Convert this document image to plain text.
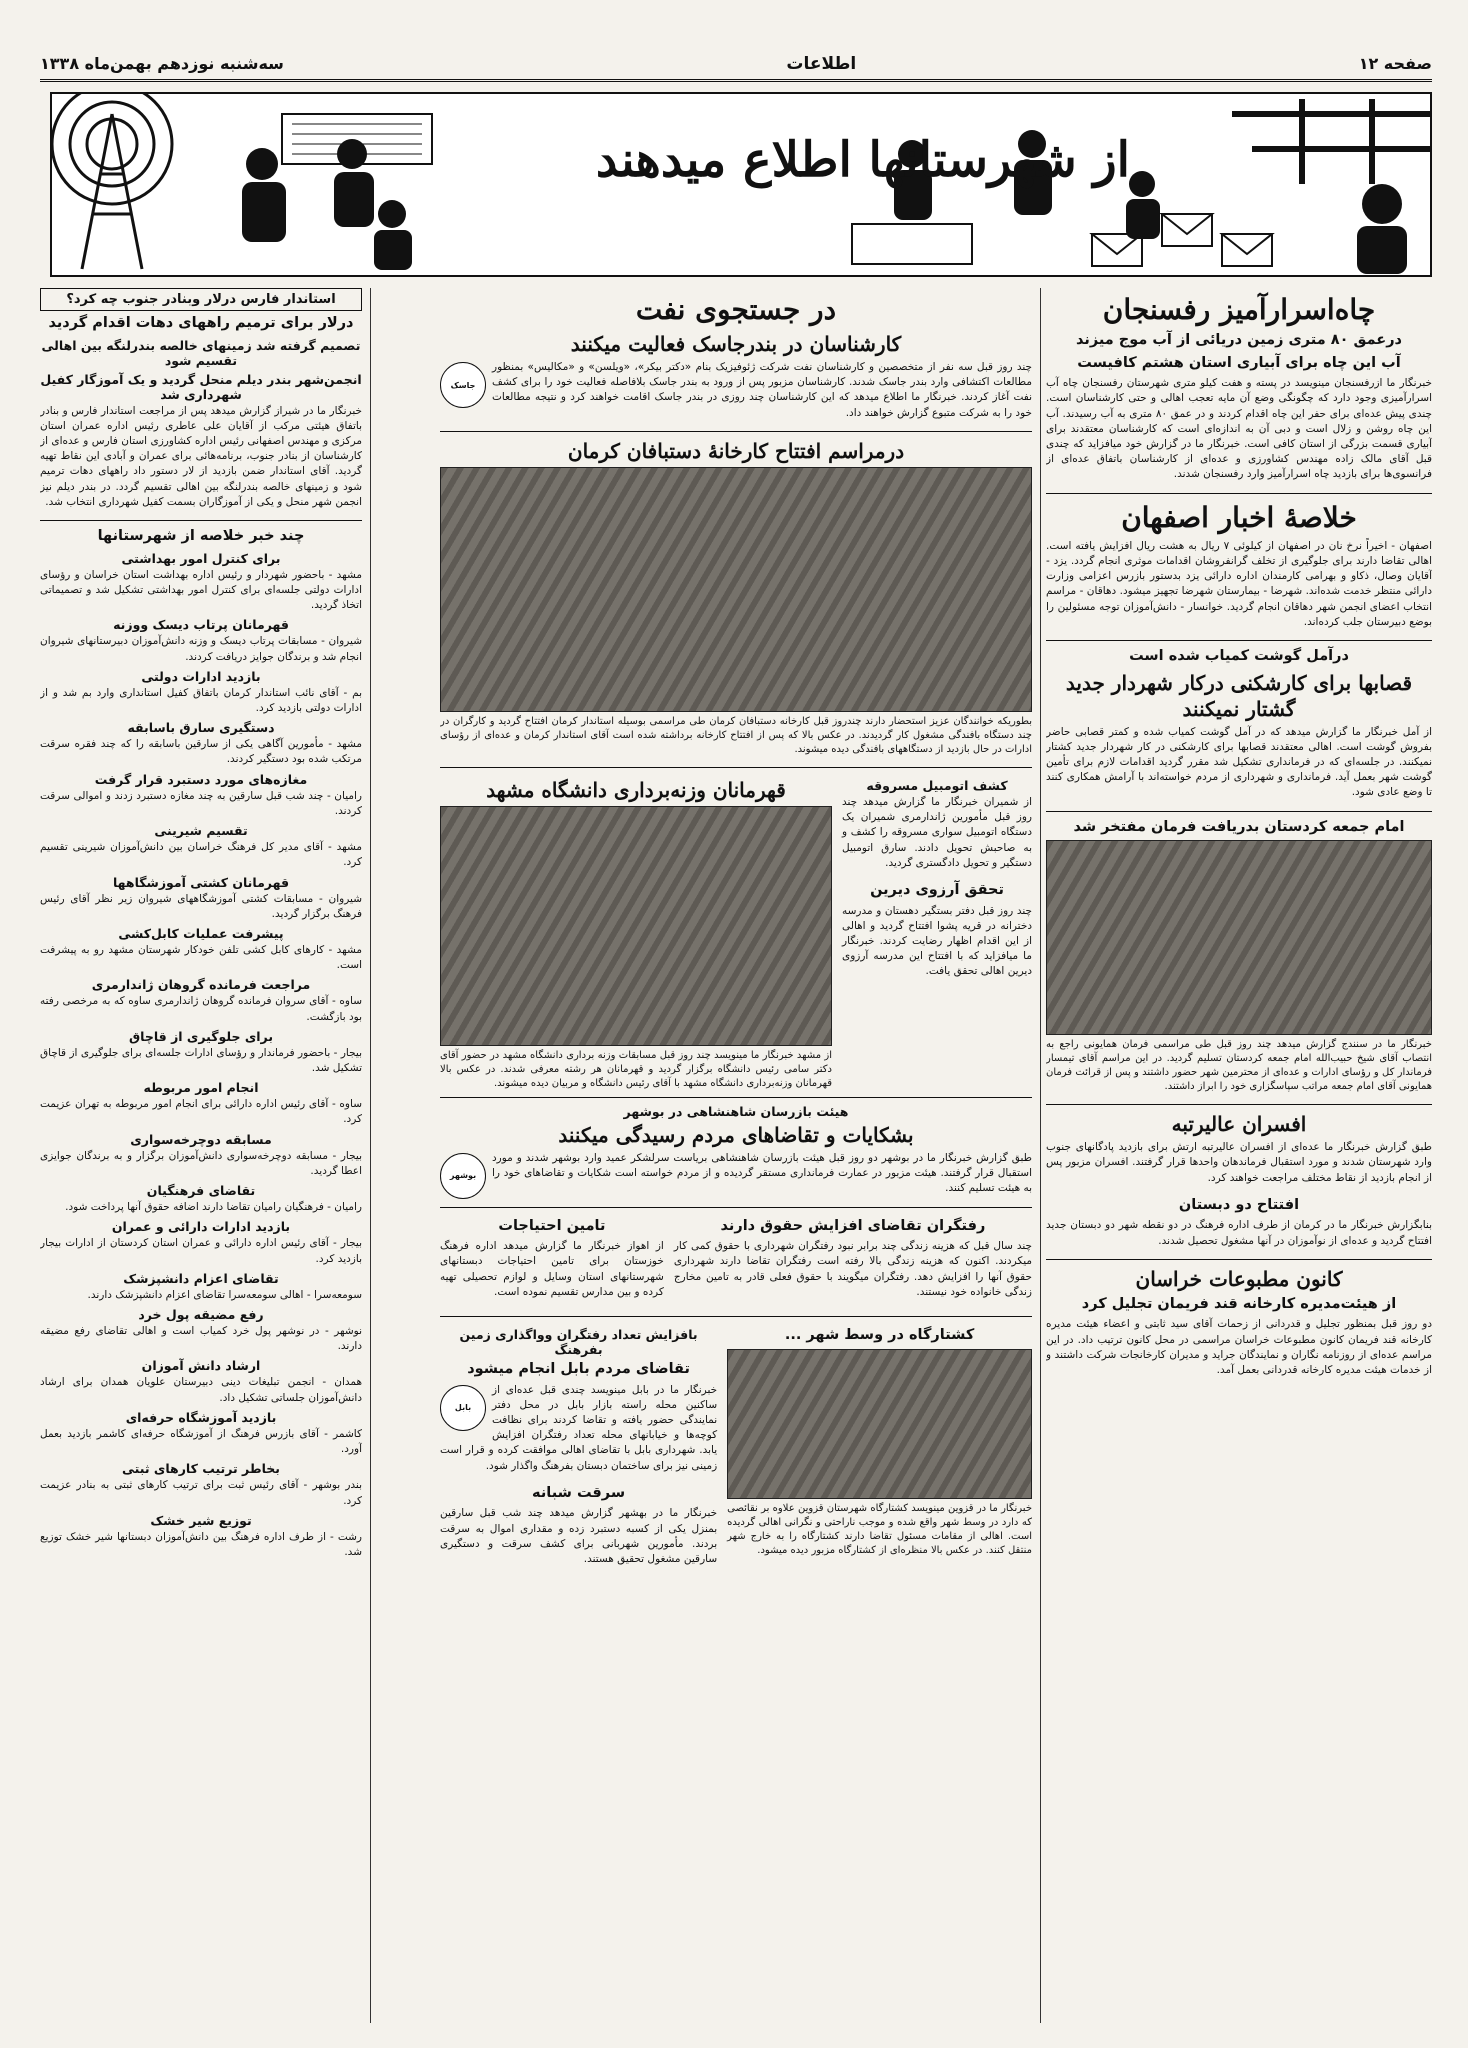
صفحه ۱۲
اطلاعات
سه‌شنبه نوزدهم بهمن‌ماه ۱۳۳۸
از شهرستانها اطلاع میدهند
چاه‌اسرارآمیز رفسنجان
درعمق ۸۰ متری زمین دریائی از آب موج میزند
آب این چاه برای آبیاری استان هشتم کافیست
خبرنگار ما ازرفسنجان مینویسد در پسته و هفت کیلو متری شهرستان رفسنجان چاه آب اسرارآمیزی وجود دارد که چگونگی وضع آن مایه تعجب اهالی و حتی کارشناسان است. چندی پیش عده‌ای برای حفر این چاه اقدام کردند و در عمق ۸۰ متری به آب رسیدند. آب این چاه روشن و زلال است و دبی آن به اندازه‌ای است که کارشناسان معتقدند برای آبیاری قسمت بزرگی از استان کافی است. خبرنگار ما در گزارش خود میافزاید که چندی قبل آقای مالک زاده مهندس کشاورزی و عده‌ای از کارشناسان باتفاق عده‌ای از فرانسوی‌ها برای بازدید چاه اسرارآمیز وارد رفسنجان شدند.
خلاصهٔ اخبار اصفهان
اصفهان - اخیراً نرخ نان در اصفهان از کیلوئی ۷ ریال به هشت ریال افزایش یافته است. اهالی تقاضا دارند برای جلوگیری از تخلف گرانفروشان اقدامات موثری انجام گردد. یزد - آقایان وصال، ذکاو و بهرامی کارمندان اداره دارائی یزد بدستور بازرس اعزامی وزارت دارائی منتظر خدمت شده‌اند. شهرضا - بیمارستان شهرضا تجهیز میشود. دهاقان - مراسم انتخاب اعضای انجمن شهر دهاقان انجام گردید. خوانسار - دانش‌آموزان توجه مسئولین را بوضع دبیرستان جلب کرده‌اند.
درآمل گوشت کمیاب شده است
قصابها برای کارشکنی درکار شهردار جدید گشتار نمیکنند
از آمل خبرنگار ما گزارش میدهد که در آمل گوشت کمیاب شده و کمتر قصابی حاضر بفروش گوشت است. اهالی معتقدند قصابها برای کارشکنی در کار شهردار جدید کشتار نمیکنند. در جلسه‌ای که در فرمانداری تشکیل شد مقرر گردید اقدامات لازم برای تأمین گوشت شهر بعمل آید. فرمانداری و شهرداری از مردم خواسته‌اند با آرامش همکاری کنند تا وضع عادی شود.
امام جمعه کردستان بدریافت فرمان مفتخر شد
خبرنگار ما در سنندج گزارش میدهد چند روز قبل طی مراسمی فرمان همایونی راجع به انتصاب آقای شیخ حبیب‌الله امام جمعه کردستان تسلیم گردید. در این مراسم آقای تیمسار فرماندار کل و رؤسای ادارات و عده‌ای از محترمین شهر حضور داشتند و پس از قرائت فرمان همایونی آقای امام جمعه مراتب سپاسگزاری خود را ابراز داشتند.
افسران عالیرتبه
طبق گزارش خبرنگار ما عده‌ای از افسران عالیرتبه ارتش برای بازدید پادگانهای جنوب وارد شهرستان شدند و مورد استقبال فرماندهان واحدها قرار گرفتند. افسران مزبور پس از انجام بازدید از نقاط مختلف مراجعت خواهند کرد.
افتتاح دو دبستان
بنابگزارش خبرنگار ما در کرمان از طرف اداره فرهنگ در دو نقطه شهر دو دبستان جدید افتتاح گردید و عده‌ای از نوآموزان در آنها مشغول تحصیل شدند.
کانون مطبوعات خراسان
از هیئت‌مدیره کارخانه قند فریمان تجلیل کرد
دو روز قبل بمنظور تجلیل و قدردانی از زحمات آقای سید ثابتی و اعضاء هیئت مدیره کارخانه قند فریمان کانون مطبوعات خراسان مراسمی در محل کانون ترتیب داد. در این مراسم عده‌ای از روزنامه نگاران و نمایندگان جراید و مدیران کارخانجات شرکت داشتند و از خدمات هیئت مدیره کارخانه قدردانی بعمل آمد.
در جستجوی نفت
کارشناسان در بندرجاسک فعالیت میکنند
جاسک
چند روز قبل سه نفر از متخصصین و کارشناسان نفت شرکت ژئوفیزیک بنام «دکتر بیکر»، «ویلسن» و «مکالیس» بمنظور مطالعات اکتشافی وارد بندر جاسک شدند. کارشناسان مزبور پس از ورود به بندر جاسک بلافاصله فعالیت خود را برای کشف نفت آغاز کردند. خبرنگار ما اطلاع میدهد که این کارشناسان چند روزی در بندر جاسک اقامت خواهند کرد و نتیجه مطالعات خود را به شرکت متبوع گزارش خواهند داد.
درمراسم افتتاح کارخانهٔ دستبافان کرمان
بطوریکه خوانندگان عزیز استحضار دارند چندروز قبل کارخانه دستبافان کرمان طی مراسمی بوسیله استاندار کرمان افتتاح گردید و کارگران در چند دستگاه بافندگی مشغول کار گردیدند. در عکس بالا که پس از افتتاح کارخانه برداشته شده است آقای استاندار کرمان و عده‌ای از رؤسای ادارات در حال بازدید از دستگاههای بافندگی دیده میشوند.
کشف اتومبیل مسروقه
از شمیران خبرنگار ما گزارش میدهد چند روز قبل مأمورین ژاندارمری شمیران یک دستگاه اتومبیل سواری مسروقه را کشف و به صاحبش تحویل دادند. سارق اتومبیل دستگیر و تحویل دادگستری گردید.
تحقق آرزوی دیرین
چند روز قبل دفتر بستگیر دهستان و مدرسه دخترانه در قریه پشوا افتتاح گردید و اهالی از این اقدام اظهار رضایت کردند. خبرنگار ما میافزاید که با افتتاح این مدرسه آرزوی دیرین اهالی تحقق یافت.
قهرمانان وزنه‌برداری دانشگاه مشهد
از مشهد خبرنگار ما مینویسد چند روز قبل مسابقات وزنه برداری دانشگاه مشهد در حضور آقای دکتر سامی رئیس دانشگاه برگزار گردید و قهرمانان هر رشته معرفی شدند. در عکس بالا قهرمانان وزنه‌برداری دانشگاه مشهد با آقای رئیس دانشگاه و مربیان دیده میشوند.
هیئت بازرسان شاهنشاهی در بوشهر
بشکایات و تقاضاهای مردم رسیدگی میکنند
بوشهر
طبق گزارش خبرنگار ما در بوشهر دو روز قبل هیئت بازرسان شاهنشاهی بریاست سرلشکر عمید وارد بوشهر شدند و مورد استقبال قرار گرفتند. هیئت مزبور در عمارت فرمانداری مستقر گردیده و از مردم خواسته است شکایات و تقاضاهای خود را به هیئت تسلیم کنند.
رفتگران تقاضای افزایش حقوق دارند
چند سال قبل که هزینه زندگی چند برابر نبود رفتگران شهرداری با حقوق کمی کار میکردند. اکنون که هزینه زندگی بالا رفته است رفتگران تقاضا دارند شهرداری حقوق آنها را افزایش دهد. رفتگران میگویند با حقوق فعلی قادر به تامین مخارج زندگی خانواده خود نیستند.
تامین احتیاجات
از اهواز خبرنگار ما گزارش میدهد اداره فرهنگ خوزستان برای تامین احتیاجات دبستانهای شهرستانهای استان وسایل و لوازم تحصیلی تهیه کرده و بین مدارس تقسیم نموده است.
کشتارگاه در وسط شهر ...
خبرنگار ما در قزوین مینویسد کشتارگاه شهرستان قزوین علاوه بر نقائصی که دارد در وسط شهر واقع شده و موجب ناراحتی و نگرانی اهالی گردیده است. اهالی از مقامات مسئول تقاضا دارند کشتارگاه را به خارج شهر منتقل کنند. در عکس بالا منظره‌ای از کشتارگاه مزبور دیده میشود.
بافزایش تعداد رفتگران وواگذاری زمین بفرهنگ
تقاضای مردم بابل انجام میشود
بابل
خبرنگار ما در بابل مینویسد چندی قبل عده‌ای از ساکنین محله راسته بازار بابل در محل دفتر نمایندگی حضور یافته و تقاضا کردند برای نظافت کوچه‌ها و خیابانهای محله تعداد رفتگران افزایش یابد. شهرداری بابل با تقاضای اهالی موافقت کرده و قرار است زمینی نیز برای ساختمان دبستان بفرهنگ واگذار شود.
سرقت شبانه
خبرنگار ما در بهشهر گزارش میدهد چند شب قبل سارقین بمنزل یکی از کسبه دستبرد زده و مقداری اموال به سرقت بردند. مأمورین شهربانی برای کشف سرقت و دستگیری سارقین مشغول تحقیق هستند.
استاندار فارس درلار وبنادر جنوب چه کرد؟
درلار برای ترمیم راههای دهات اقدام گردید
تصمیم گرفته شد زمینهای خالصه بندرلنگه بین اهالی تقسیم شود
انجمن‌شهر بندر دیلم منحل گردید و یک آموزگار کفیل شهرداری شد
خبرنگار ما در شیراز گزارش میدهد پس از مراجعت استاندار فارس و بنادر باتفاق هیئتی مرکب از آقایان علی عاطری رئیس اداره عمران استان مرکزی و مهندس اصفهانی رئیس اداره کشاورزی استان فارس و عده‌ای از کارشناسان از بنادر جنوب، برنامه‌هائی برای عمران و آبادی این نقاط تهیه گردید. آقای استاندار ضمن بازدید از لار دستور داد راههای دهات ترمیم شود و زمینهای خالصه بندرلنگه بین اهالی تقسیم گردد. در بندر دیلم نیز انجمن شهر منحل و یکی از آموزگاران بسمت کفیل شهرداری انتخاب شد.
چند خبر خلاصه از شهرستانها
برای کنترل امور بهداشتی
مشهد - باحضور شهردار و رئیس اداره بهداشت استان خراسان و رؤسای ادارات دولتی جلسه‌ای برای کنترل امور بهداشتی تشکیل شد و تصمیماتی اتخاذ گردید.
قهرمانان پرتاب دیسک ووزنه
شیروان - مسابقات پرتاب دیسک و وزنه دانش‌آموزان دبیرستانهای شیروان انجام شد و برندگان جوایز دریافت کردند.
بازدید ادارات دولتی
بم - آقای نائب استاندار کرمان باتفاق کفیل استانداری وارد بم شد و از ادارات دولتی بازدید کرد.
دستگیری سارق باسابقه
مشهد - مأمورین آگاهی یکی از سارقین باسابقه را که چند فقره سرقت مرتکب شده بود دستگیر کردند.
مغازه‌های مورد دستبرد قرار گرفت
رامیان - چند شب قبل سارقین به چند مغازه دستبرد زدند و اموالی سرقت کردند.
تقسیم شیرینی
مشهد - آقای مدیر کل فرهنگ خراسان بین دانش‌آموزان شیرینی تقسیم کرد.
قهرمانان کشتی آموزشگاهها
شیروان - مسابقات کشتی آموزشگاههای شیروان زیر نظر آقای رئیس فرهنگ برگزار گردید.
پیشرفت عملیات کابل‌کشی
مشهد - کارهای کابل کشی تلفن خودکار شهرستان مشهد رو به پیشرفت است.
مراجعت فرمانده گروهان ژاندارمری
ساوه - آقای سروان فرمانده گروهان ژاندارمری ساوه که به مرخصی رفته بود بازگشت.
برای جلوگیری از قاچاق
بیجار - باحضور فرماندار و رؤسای ادارات جلسه‌ای برای جلوگیری از قاچاق تشکیل شد.
انجام امور مربوطه
ساوه - آقای رئیس اداره دارائی برای انجام امور مربوطه به تهران عزیمت کرد.
مسابقه دوچرخه‌سواری
بیجار - مسابقه دوچرخه‌سواری دانش‌آموزان برگزار و به برندگان جوایزی اعطا گردید.
تقاضای فرهنگیان
رامیان - فرهنگیان رامیان تقاضا دارند اضافه حقوق آنها پرداخت شود.
بازدید ادارات دارائی و عمران
بیجار - آقای رئیس اداره دارائی و عمران استان کردستان از ادارات بیجار بازدید کرد.
تقاضای اعزام دانشپزشک
سومعه‌سرا - اهالی سومعه‌سرا تقاضای اعزام دانشپزشک دارند.
رفع مضیقه پول خرد
نوشهر - در نوشهر پول خرد کمیاب است و اهالی تقاضای رفع مضیقه دارند.
ارشاد دانش آموزان
همدان - انجمن تبلیغات دینی دبیرستان علویان همدان برای ارشاد دانش‌آموزان جلساتی تشکیل داد.
بازدید آموزشگاه حرفه‌ای
کاشمر - آقای بازرس فرهنگ از آموزشگاه حرفه‌ای کاشمر بازدید بعمل آورد.
بخاطر ترتیب کارهای ثبتی
بندر بوشهر - آقای رئیس ثبت برای ترتیب کارهای ثبتی به بنادر عزیمت کرد.
توزیع شیر خشک
رشت - از طرف اداره فرهنگ بین دانش‌آموزان دبستانها شیر خشک توزیع شد.
